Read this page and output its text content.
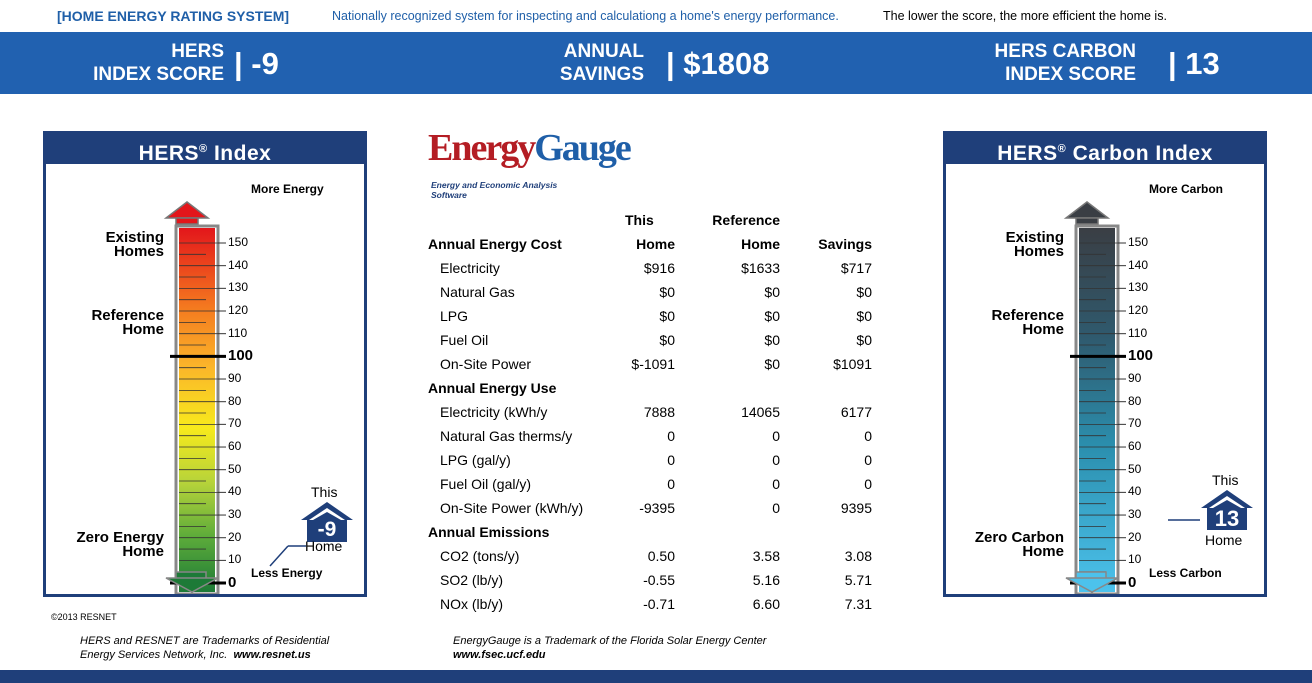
[HOME ENERGY RATING SYSTEM]	Nationally recognized system for inspecting and calculationg a home's energy performance.	The lower the score, the more efficient the home is.
HERS
INDEX SCORE | -9	ANNUAL
SAVINGS | $1808	HERS CARBON
INDEX SCORE | 13
HERS® Index
More Energy
Less Energy
Existing
Homes
Reference
Home
Zero Energy
Home
150
140
130
120
110
100
90
80
70
60
50
40
30
20
10
0
This
-9
Home
©2013 RESNET
EnergyGauge
Energy and Economic Analysis Software
	This	Reference	
Annual Energy Cost	Home	Home	Savings
Electricity	$916	$1633	$717
Natural Gas	$0	$0	$0
LPG	$0	$0	$0
Fuel Oil	$0	$0	$0
On-Site Power	$-1091	$0	$1091
Annual Energy Use			
Electricity (kWh/y	7888	14065	6177
Natural Gas therms/y	0	0	0
LPG (gal/y)	0	0	0
Fuel Oil (gal/y)	0	0	0
On-Site Power (kWh/y)	-9395	0	9395
Annual Emissions			
CO2 (tons/y)	0.50	3.58	3.08
SO2 (lb/y)	-0.55	5.16	5.71
NOx (lb/y)	-0.71	6.60	7.31
HERS® Carbon Index
More Carbon
Less Carbon
Existing
Homes
Reference
Home
Zero Carbon
Home
150
140
130
120
110
100
90
80
70
60
50
40
30
20
10
0
This
13
Home
HERS and RESNET are Trademarks of Residential
Energy Services Network, Inc. www.resnet.us
EnergyGauge is a Trademark of the Florida Solar Energy Center
www.fsec.ucf.edu
